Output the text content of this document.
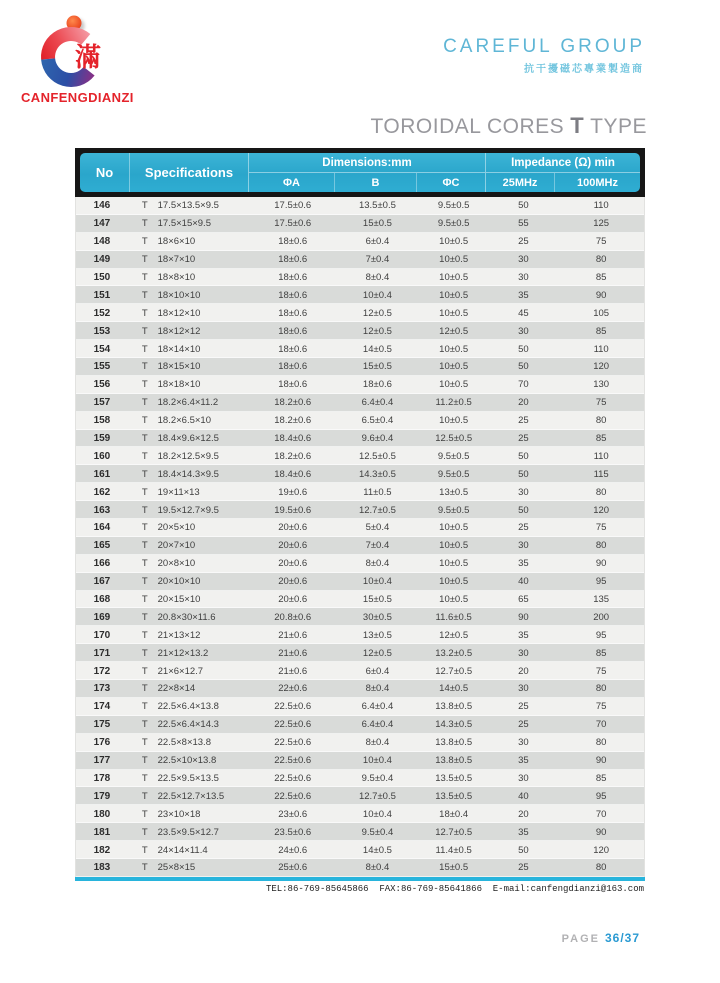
滿
CANFENGDIANZI
CAREFUL GROUP
抗干擾磁芯專業製造商
TOROIDAL CORES T TYPE
No	Specifications
Dimensions:mm	Impedance (Ω) min
ΦA	B	ΦC	25MHz	100MHz
146	T 17.5×13.5×9.5	17.5±0.6	13.5±0.5	9.5±0.5	50	110
147	T 17.5×15×9.5	17.5±0.6	15±0.5	9.5±0.5	55	125
148	T 18×6×10	18±0.6	6±0.4	10±0.5	25	75
149	T 18×7×10	18±0.6	7±0.4	10±0.5	30	80
150	T 18×8×10	18±0.6	8±0.4	10±0.5	30	85
151	T 18×10×10	18±0.6	10±0.4	10±0.5	35	90
152	T 18×12×10	18±0.6	12±0.5	10±0.5	45	105
153	T 18×12×12	18±0.6	12±0.5	12±0.5	30	85
154	T 18×14×10	18±0.6	14±0.5	10±0.5	50	110
155	T 18×15×10	18±0.6	15±0.5	10±0.5	50	120
156	T 18×18×10	18±0.6	18±0.6	10±0.5	70	130
157	T 18.2×6.4×11.2	18.2±0.6	6.4±0.4	11.2±0.5	20	75
158	T 18.2×6.5×10	18.2±0.6	6.5±0.4	10±0.5	25	80
159	T 18.4×9.6×12.5	18.4±0.6	9.6±0.4	12.5±0.5	25	85
160	T 18.2×12.5×9.5	18.2±0.6	12.5±0.5	9.5±0.5	50	110
161	T 18.4×14.3×9.5	18.4±0.6	14.3±0.5	9.5±0.5	50	115
162	T 19×11×13	19±0.6	11±0.5	13±0.5	30	80
163	T 19.5×12.7×9.5	19.5±0.6	12.7±0.5	9.5±0.5	50	120
164	T 20×5×10	20±0.6	5±0.4	10±0.5	25	75
165	T 20×7×10	20±0.6	7±0.4	10±0.5	30	80
166	T 20×8×10	20±0.6	8±0.4	10±0.5	35	90
167	T 20×10×10	20±0.6	10±0.4	10±0.5	40	95
168	T 20×15×10	20±0.6	15±0.5	10±0.5	65	135
169	T 20.8×30×11.6	20.8±0.6	30±0.5	11.6±0.5	90	200
170	T 21×13×12	21±0.6	13±0.5	12±0.5	35	95
171	T 21×12×13.2	21±0.6	12±0.5	13.2±0.5	30	85
172	T 21×6×12.7	21±0.6	6±0.4	12.7±0.5	20	75
173	T 22×8×14	22±0.6	8±0.4	14±0.5	30	80
174	T 22.5×6.4×13.8	22.5±0.6	6.4±0.4	13.8±0.5	25	75
175	T 22.5×6.4×14.3	22.5±0.6	6.4±0.4	14.3±0.5	25	70
176	T 22.5×8×13.8	22.5±0.6	8±0.4	13.8±0.5	30	80
177	T 22.5×10×13.8	22.5±0.6	10±0.4	13.8±0.5	35	90
178	T 22.5×9.5×13.5	22.5±0.6	9.5±0.4	13.5±0.5	30	85
179	T 22.5×12.7×13.5	22.5±0.6	12.7±0.5	13.5±0.5	40	95
180	T 23×10×18	23±0.6	10±0.4	18±0.4	20	70
181	T 23.5×9.5×12.7	23.5±0.6	9.5±0.4	12.7±0.5	35	90
182	T 24×14×11.4	24±0.6	14±0.5	11.4±0.5	50	120
183	T 25×8×15	25±0.6	8±0.4	15±0.5	25	80
TEL:86-769-85645866  FAX:86-769-85641866  E-mail:canfengdianzi@163.com
PAGE 36/37
